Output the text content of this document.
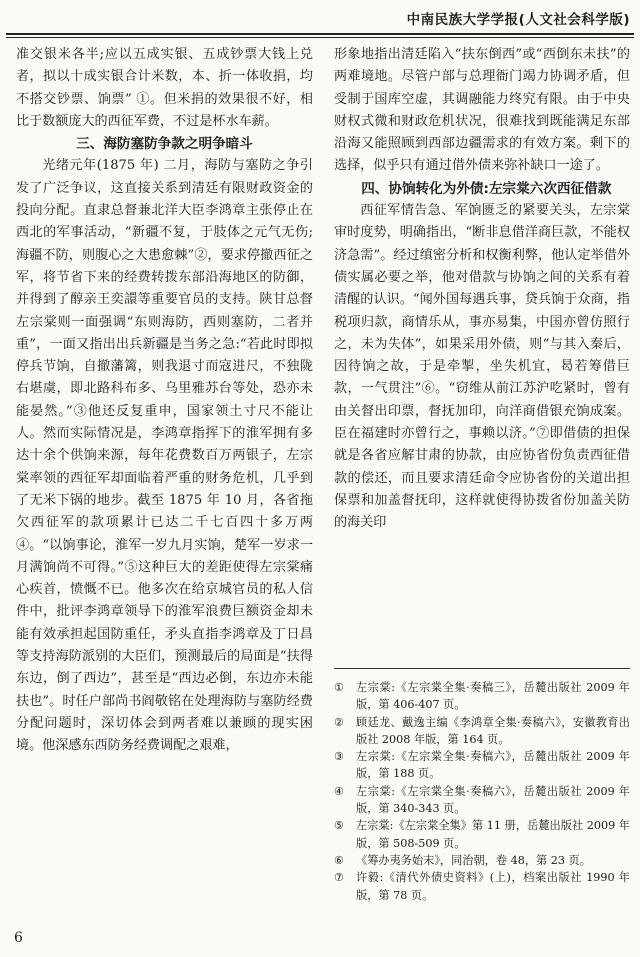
中南民族大学学报(人文社会科学版)

准交银米各半;应以五成实银、五成钞票大钱上兑者，拟以十成实银合计米数，本、折一体收捐，均不搭交钞票、饷票” ①。但米捐的效果很不好，相比于数额庞大的西征军费，不过是杯水车薪。

三、海防塞防争款之明争暗斗

光绪元年(1875 年) 二月，海防与塞防之争引发了广泛争议，这直接关系到清廷有限财政资金的投向分配。直隶总督兼北洋大臣李鸿章主张停止在西北的军事活动，“新疆不复，于肢体之元气无伤;海疆不防，则腹心之大患愈棘”②，要求停撤西征之军，将节省下来的经费转拨东部沿海地区的防御，并得到了醇亲王奕譞等重要官员的支持。陕甘总督左宗棠则一面强调“东则海防，西则塞防，二者并重”，一面又指出出兵新疆是当务之急:“若此时即拟停兵节饷，自撤藩篱，则我退寸而寇进尺，不独陇右堪虞，即北路科布多、乌里雅苏台等处，恐亦未能晏然。”③他还反复重申，国家领土寸尺不能让人。然而实际情况是，李鸿章指挥下的淮军拥有多达十余个供饷来源，每年花费数百万两银子，左宗棠率领的西征军却面临着严重的财务危机，几乎到了无米下锅的地步。截至 1875 年 10 月，各省拖欠西征军的款项累计已达二千七百四十多万两④。“以饷事论，淮军一岁九月实饷，楚军一岁求一月满饷尚不可得。”⑤这种巨大的差距使得左宗棠痛心疾首，愤慨不已。他多次在给京城官员的私人信件中，批评李鸿章领导下的淮军浪费巨额资金却未能有效承担起国防重任，矛头直指李鸿章及丁日昌等支持海防派别的大臣们，预测最后的局面是“扶得东边，倒了西边”，甚至是“西边必倒，东边亦未能扶也”。时任户部尚书阎敬铭在处理海防与塞防经费分配问题时，深切体会到两者难以兼顾的现实困境。他深感东西防务经费调配之艰难，

形象地指出清廷陷入“扶东倒西”或“西倒东未扶”的两难境地。尽管户部与总理衙门竭力协调矛盾，但受制于国库空虚，其调融能力终究有限。由于中央财权式微和财政危机状况，很难找到既能满足东部沿海又能照顾到西部边疆需求的有效方案。剩下的选择，似乎只有通过借外债来弥补缺口一途了。

四、协饷转化为外债:左宗棠六次西征借款

西征军情告急、军饷匮乏的紧要关头，左宗棠审时度势，明确指出，“断非息借洋商巨款，不能权济急需”。经过缜密分析和权衡利弊，他认定举借外债实属必要之举，他对借款与协饷之间的关系有着清醒的认识。“闻外国每遇兵事，贷兵饷于众商，指税项归款，商情乐从，事亦易集，中国亦曾仿照行之，未为失体”，如果采用外债，则“与其入秦后，因待饷之故，于是牵掣，坐失机宜，曷若筹借巨款，一气贯注”⑥。“窃维从前江苏沪吃紧时，曾有由关督出印票，督抚加印，向洋商借银充饷成案。臣在福建时亦曾行之，事赖以济。”⑦即借债的担保就是各省应解甘肃的协款，由应协省份负责西征借款的偿还，而且要求清廷命令应协省份的关道出担保票和加盖督抚印，这样就使得协拨省份加盖关防的海关印

①	左宗棠:《左宗棠全集·奏稿三》，岳麓出版社 2009 年版，第 406-407 页。
②	顾廷龙、戴逸主编《李鸿章全集·奏稿六》，安徽教育出版社 2008 年版，第 164 页。
③	左宗棠:《左宗棠全集·奏稿六》，岳麓出版社 2009 年版，第 188 页。
④	左宗棠:《左宗棠全集·奏稿六》，岳麓出版社 2009 年版，第 340-343 页。
⑤	左宗棠:《左宗棠全集》第 11 册，岳麓出版社 2009 年版，第 508-509 页。
⑥	《筹办夷务始末》，同治朝，卷 48，第 23 页。
⑦	许毅:《清代外债史资料》(上)，档案出版社 1990 年版，第 78 页。
6
